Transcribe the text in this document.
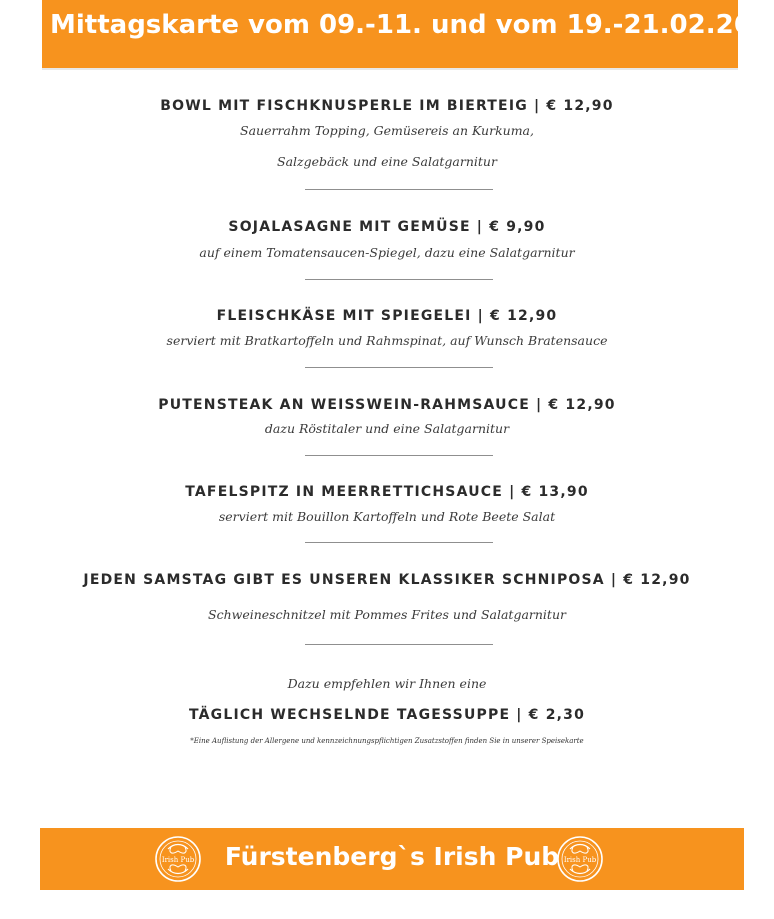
Mittagskarte vom 09.-11. und vom 19.-21.02.26
BOWL MIT FISCHKNUSPERLE IM BIERTEIG | € 12,90
Sauerrahm Topping, Gemüsereis an Kurkuma,
Salzgebäck und eine Salatgarnitur
SOJALASAGNE MIT GEMÜSE | € 9,90
auf einem Tomatensaucen-Spiegel, dazu eine Salatgarnitur
FLEISCHKÄSE MIT SPIEGELEI | € 12,90
serviert mit Bratkartoffeln und Rahmspinat, auf Wunsch Bratensauce
PUTENSTEAK AN WEISSWEIN-RAHMSAUCE | € 12,90
dazu Röstitaler und eine Salatgarnitur
TAFELSPITZ IN MEERRETTICHSAUCE | € 13,90
serviert mit Bouillon Kartoffeln und Rote Beete Salat
JEDEN SAMSTAG GIBT ES UNSEREN KLASSIKER SCHNIPOSA | € 12,90
Schweineschnitzel mit Pommes Frites und Salatgarnitur
Dazu empfehlen wir Ihnen eine
TÄGLICH WECHSELNDE TAGESSUPPE | € 2,30
*Eine Auflistung der Allergene und kennzeichnungspflichtigen Zusatzstoffen finden Sie in unserer Speisekarte
Irish Pub	Fürstenberg`s Irish Pub Irish Pub
